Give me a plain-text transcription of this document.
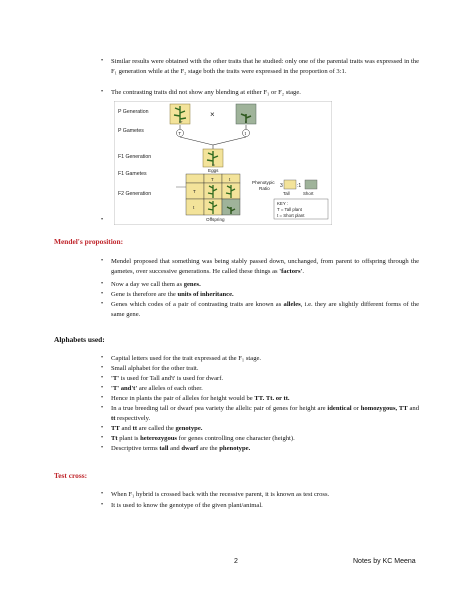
• Similar results were obtained with the other traits that he studied: only one of the parental traits was expressed in the F₁ generation while at the F₂ stage both the traits were expressed in the proportion of 3:1.
• The contrasting traits did not show any blending at either F₁ or F₂ stage.
P Generation
P Gametes
F1 Generation
F1 Gametes
F2 Generation
TT
×
tt
T	t
Tt
Eggs
T	t
T
t
Offspring
Phenotypic
Ratio 3	:1
Tall	Short
KEY :
T = Tall plant
t = Short plant
•
Mendel's proposition:
• Mendel proposed that something was being stably passed down, unchanged, from parent to offspring through the gametes, over successive generations. He called these things as 'factors'.
• Now a day we call them as genes.
• Gene is therefore are the units of inheritance.
• Genes which codes of a pair of contrasting traits are known as alleles, i.e. they are slightly different forms of the same gene.
Alphabets used:
• Capital letters used for the trait expressed at the F₁ stage.
• Small alphabet for the other trait.
• 'T' is used for Tall and't' is used for dwarf.
• 'T' and't' are alleles of each other.
• Hence in plants the pair of alleles for height would be TT. Tt. or tt.
• In a true breeding tall or dwarf pea variety the allelic pair of genes for height are identical or homozygous, TT and tt respectively.
• TT and tt are called the genotype.
• Tt plant is heterozygous for genes controlling one character (height).
• Descriptive terms tall and dwarf are the phenotype.
Test cross:
• When F₁ hybrid is crossed back with the recessive parent, it is known as test cross.
• It is used to know the genotype of the given plant/animal.
2	Notes by KC Meena
